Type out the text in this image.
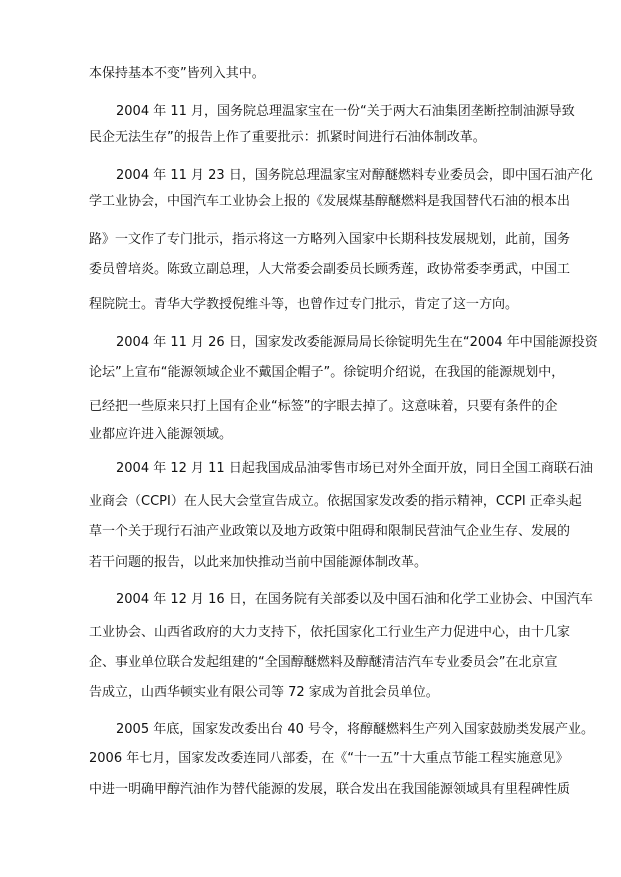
本保持基本不变”皆列入其中。

2004 年 11 月，国务院总理温家宝在一份“关于两大石油集团垄断控制油源导致

民企无法生存”的报告上作了重要批示：抓紧时间进行石油体制改革。

2004 年 11 月 23 日，国务院总理温家宝对醇醚燃料专业委员会，即中国石油产化

学工业协会，中国汽车工业协会上报的《发展煤基醇醚燃料是我国替代石油的根本出

路》一文作了专门批示，指示将这一方略列入国家中长期科技发展规划，此前，国务

委员曾培炎。陈致立副总理，人大常委会副委员长顾秀莲，政协常委李勇武，中国工

程院院士。青华大学教授倪维斗等，也曾作过专门批示，肯定了这一方向。

2004 年 11 月 26 日，国家发改委能源局局长徐锭明先生在“2004 年中国能源投资

论坛”上宣布“能源领域企业不戴国企帽子”。徐锭明介绍说，在我国的能源规划中，

已经把一些原来只打上国有企业“标签”的字眼去掉了。这意味着，只要有条件的企

业都应许进入能源领域。

2004 年 12 月 11 日起我国成品油零售市场已对外全面开放，同日全国工商联石油

业商会（CCPI）在人民大会堂宣告成立。依据国家发改委的指示精神，CCPI 正牵头起

草一个关于现行石油产业政策以及地方政策中阻碍和限制民营油气企业生存、发展的

若干问题的报告，以此来加快推动当前中国能源体制改革。

2004 年 12 月 16 日，在国务院有关部委以及中国石油和化学工业协会、中国汽车

工业协会、山西省政府的大力支持下，依托国家化工行业生产力促进中心，由十几家

企、事业单位联合发起组建的“全国醇醚燃料及醇醚清洁汽车专业委员会”在北京宣

告成立，山西华顿实业有限公司等 72 家成为首批会员单位。

2005 年底，国家发改委出台 40 号令，将醇醚燃料生产列入国家鼓励类发展产业。

2006 年七月，国家发改委连同八部委，在《“十一五”十大重点节能工程实施意见》

中进一明确甲醇汽油作为替代能源的发展，联合发出在我国能源领域具有里程碑性质
